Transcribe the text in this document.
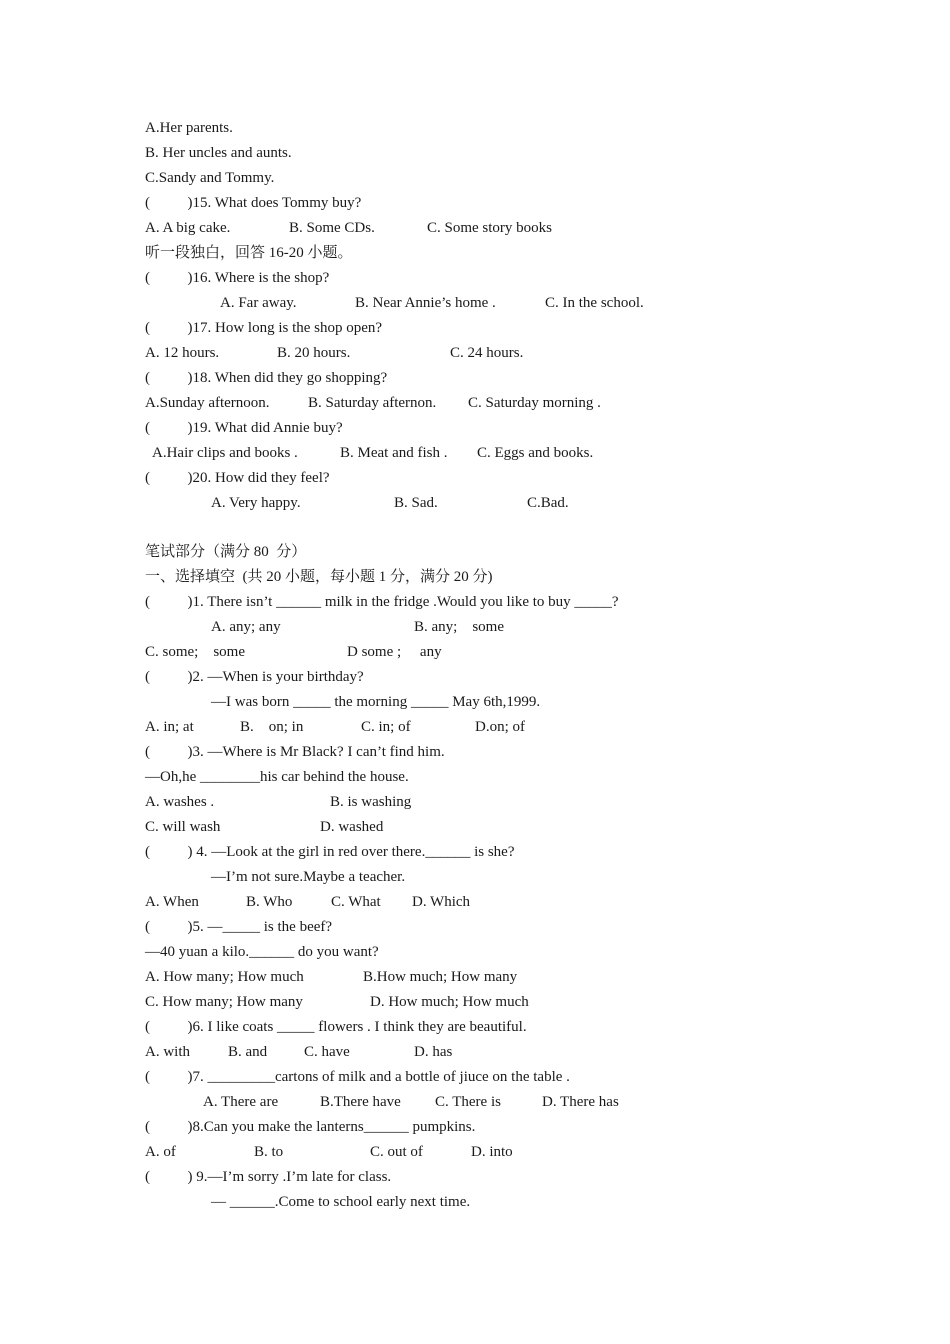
A.Her parents.
B. Her uncles and aunts.
C.Sandy and Tommy.
(          )15. What does Tommy buy?
A. A big cake.	B. Some CDs.	C. Some story books
听一段独白，回答 16-20 小题。
(          )16. Where is the shop?
A. Far away.	B. Near Annie’s home .	C. In the school.
(          )17. How long is the shop open?
A. 12 hours.	B. 20 hours.	C. 24 hours.
(          )18. When did they go shopping?
A.Sunday afternoon.	B. Saturday afternon. C. Saturday morning .
(          )19. What did Annie buy?
A.Hair clips and books .	B. Meat and fish . C. Eggs and books.
(          )20. How did they feel?
A. Very happy.	B. Sad.	C.Bad.
笔试部分（满分 80  分）
一、选择填空  (共 20 小题，每小题 1 分，满分 20 分)
(          )1. There isn’t ______ milk in the fridge .Would you like to buy _____?
A. any; any	B. any;    some
C. some;    some	D some ;     any
(          )2. —When is your birthday?
—I was born _____ the morning _____ May 6th,1999.
A. in; at	B.    on; in	C. in; of	D.on; of
(          )3. —Where is Mr Black? I can’t find him.
—Oh,he ________his car behind the house.
A. washes .	B. is washing
C. will wash	D. washed
(          ) 4. —Look at the girl in red over there.______ is she?
—I’m not sure.Maybe a teacher.
A. When	B. Who	C. What D. Which
(          )5. —_____ is the beef?
—40 yuan a kilo.______ do you want?
A. How many; How much	B.How much; How many
C. How many; How many	D. How much; How much
(          )6. I like coats _____ flowers . I think they are beautiful.
A. with	B. and C. have	D. has
(          )7. _________cartons of milk and a bottle of jiuce on the table .
A. There are	B.There have C. There is	D. There has
(          )8.Can you make the lanterns______ pumpkins.
A. of	B. to	C. out of	D. into
(          ) 9.—I’m sorry .I’m late for class.
— ______.Come to school early next time.
